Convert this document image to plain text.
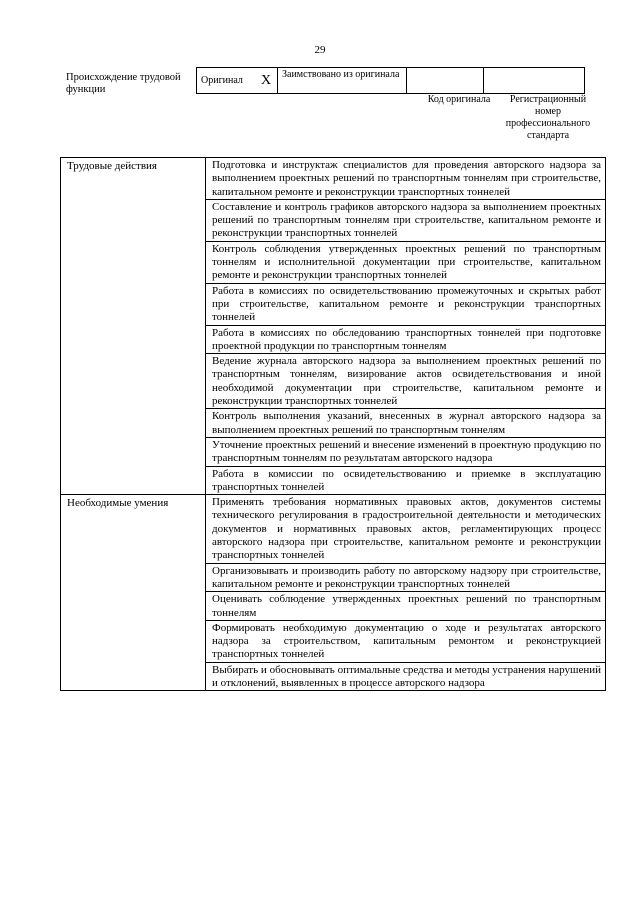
29
Происхождение трудовой функции
Оригинал	X	Заимствовано из оригинала		
Код оригинала	Регистрационный номер профессионального стандарта
Трудовые действия	Подготовка и инструктаж специалистов для проведения авторского надзора за выполнением проектных решений по транспортным тоннелям при строительстве, капитальном ремонте и реконструкции транспортных тоннелей
	Составление и контроль графиков авторского надзора за выполнением проектных решений по транспортным тоннелям при строительстве, капитальном ремонте и реконструкции транспортных тоннелей
	Контроль соблюдения утвержденных проектных решений по транспортным тоннелям и исполнительной документации при строительстве, капитальном ремонте и реконструкции транспортных тоннелей
	Работа в комиссиях по освидетельствованию промежуточных и скрытых работ при строительстве, капитальном ремонте и реконструкции транспортных тоннелей
	Работа в комиссиях по обследованию транспортных тоннелей при подготовке проектной продукции по транспортным тоннелям
	Ведение журнала авторского надзора за выполнением проектных решений по транспортным тоннелям, визирование актов освидетельствования и иной необходимой документации при строительстве, капитальном ремонте и реконструкции транспортных тоннелей
	Контроль выполнения указаний, внесенных в журнал авторского надзора за выполнением проектных решений по транспортным тоннелям
	Уточнение проектных решений и внесение изменений в проектную продукцию по транспортным тоннелям по результатам авторского надзора
	Работа в комиссии по освидетельствованию и приемке в эксплуатацию транспортных тоннелей
Необходимые умения	Применять требования нормативных правовых актов, документов системы технического регулирования в градостроительной деятельности и методических документов и нормативных правовых актов, регламентирующих процесс авторского надзора при строительстве, капитальном ремонте и реконструкции транспортных тоннелей
	Организовывать и производить работу по авторскому надзору при строительстве, капитальном ремонте и реконструкции транспортных тоннелей
	Оценивать соблюдение утвержденных проектных решений по транспортным тоннелям
	Формировать необходимую документацию о ходе и результатах авторского надзора за строительством, капитальным ремонтом и реконструкцией транспортных тоннелей
	Выбирать и обосновывать оптимальные средства и методы устранения нарушений и отклонений, выявленных в процессе авторского надзора
